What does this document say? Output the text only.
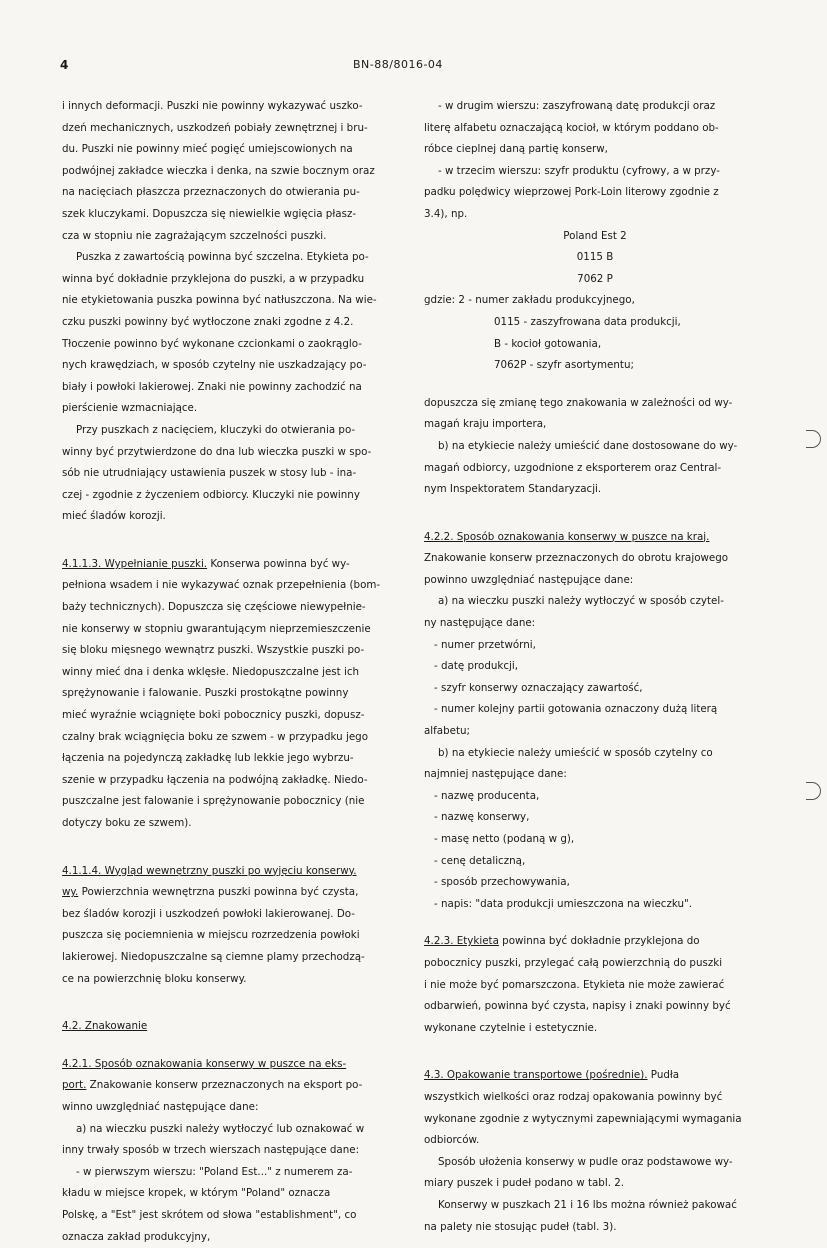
4	BN-88/8016-04

i innych deformacji. Puszki nie powinny wykazywać uszko-

dzeń mechanicznych, uszkodzeń pobiały zewnętrznej i bru-

du. Puszki nie powinny mieć pogięć umiejscowionych na

podwójnej zakładce wieczka i denka, na szwie bocznym oraz

na nacięciach płaszcza przeznaczonych do otwierania pu-

szek kluczykami. Dopuszcza się niewielkie wgięcia płasz-

cza w stopniu nie zagrażającym szczelności puszki.

Puszka z zawartością powinna być szczelna. Etykieta po-

winna być dokładnie przyklejona do puszki, a w przypadku

nie etykietowania puszka powinna być natłuszczona. Na wie-

czku puszki powinny być wytłoczone znaki zgodne z 4.2.

Tłoczenie powinno być wykonane czcionkami o zaokrąglo-

nych krawędziach, w sposób czytelny nie uszkadzający po-

biały i powłoki lakierowej. Znaki nie powinny zachodzić na

pierścienie wzmacniające.

Przy puszkach z nacięciem, kluczyki do otwierania po-

winny być przytwierdzone do dna lub wieczka puszki w spo-

sób nie utrudniający ustawienia puszek w stosy lub - ina-

czej - zgodnie z życzeniem odbiorcy. Kluczyki nie powinny

mieć śladów korozji.

4.1.1.3. Wypełnianie puszki. Konserwa powinna być wy-

pełniona wsadem i nie wykazywać oznak przepełnienia (bom-

baży technicznych). Dopuszcza się częściowe niewypełnie-

nie konserwy w stopniu gwarantującym nieprzemieszczenie

się bloku mięsnego wewnątrz puszki. Wszystkie puszki po-

winny mieć dna i denka wklęsłe. Niedopuszczalne jest ich

sprężynowanie i falowanie. Puszki prostokątne powinny

mieć wyraźnie wciągnięte boki pobocznicy puszki, dopusz-

czalny brak wciągnięcia boku ze szwem - w przypadku jego

łączenia na pojedynczą zakładkę lub lekkie jego wybrzu-

szenie w przypadku łączenia na podwójną zakładkę. Niedo-

puszczalne jest falowanie i sprężynowanie pobocznicy (nie

dotyczy boku ze szwem).

4.1.1.4. Wygląd wewnętrzny puszki po wyjęciu konserwy.

wy. Powierzchnia wewnętrzna puszki powinna być czysta,

bez śladów korozji i uszkodzeń powłoki lakierowanej. Do-

puszcza się pociemnienia w miejscu rozrzedzenia powłoki

lakierowej. Niedopuszczalne są ciemne plamy przechodzą-

ce na powierzchnię bloku konserwy.

4.2. Znakowanie

4.2.1. Sposób oznakowania konserwy w puszce na eks-

port. Znakowanie konserw przeznaczonych na eksport po-

winno uwzględniać następujące dane:

a) na wieczku puszki należy wytłoczyć lub oznakować w

inny trwały sposób w trzech wierszach następujące dane:

- w pierwszym wierszu: "Poland Est..." z numerem za-

kładu w miejsce kropek, w którym "Poland" oznacza

Polskę, a "Est" jest skrótem od słowa "establishment", co

oznacza zakład produkcyjny,

- w drugim wierszu: zaszyfrowaną datę produkcji oraz

literę alfabetu oznaczającą kocioł, w którym poddano ob-

róbce cieplnej daną partię konserw,

- w trzecim wierszu: szyfr produktu (cyfrowy, a w przy-

padku polędwicy wieprzowej Pork-Loin literowy zgodnie z

3.4), np.

Poland Est 2

0115 B

7062 P

gdzie: 2 - numer zakładu produkcyjnego,

0115 - zaszyfrowana data produkcji,

B - kocioł gotowania,

7062P - szyfr asortymentu;

dopuszcza się zmianę tego znakowania w zależności od wy-

magań kraju importera,

b) na etykiecie należy umieścić dane dostosowane do wy-

magań odbiorcy, uzgodnione z eksporterem oraz Central-

nym Inspektoratem Standaryzacji.

4.2.2. Sposób oznakowania konserwy w puszce na kraj.

Znakowanie konserw przeznaczonych do obrotu krajowego

powinno uwzględniać następujące dane:

a) na wieczku puszki należy wytłoczyć w sposób czytel-

ny następujące dane:

- numer przetwórni,

- datę produkcji,

- szyfr konserwy oznaczający zawartość,

- numer kolejny partii gotowania oznaczony dużą literą

alfabetu;

b) na etykiecie należy umieścić w sposób czytelny co

najmniej następujące dane:

- nazwę producenta,

- nazwę konserwy,

- masę netto (podaną w g),

- cenę detaliczną,

- sposób przechowywania,

- napis: "data produkcji umieszczona na wieczku".

4.2.3. Etykieta powinna być dokładnie przyklejona do

pobocznicy puszki, przylegać całą powierzchnią do puszki

i nie może być pomarszczona. Etykieta nie może zawierać

odbarwień, powinna być czysta, napisy i znaki powinny być

wykonane czytelnie i estetycznie.

4.3. Opakowanie transportowe (pośrednie). Pudła

wszystkich wielkości oraz rodzaj opakowania powinny być

wykonane zgodnie z wytycznymi zapewniającymi wymagania

odbiorców.

Sposób ułożenia konserwy w pudle oraz podstawowe wy-

miary puszek i pudeł podano w tabl. 2.

Konserwy w puszkach 21 i 16 lbs można również pakować

na palety nie stosując pudeł (tabl. 3).
